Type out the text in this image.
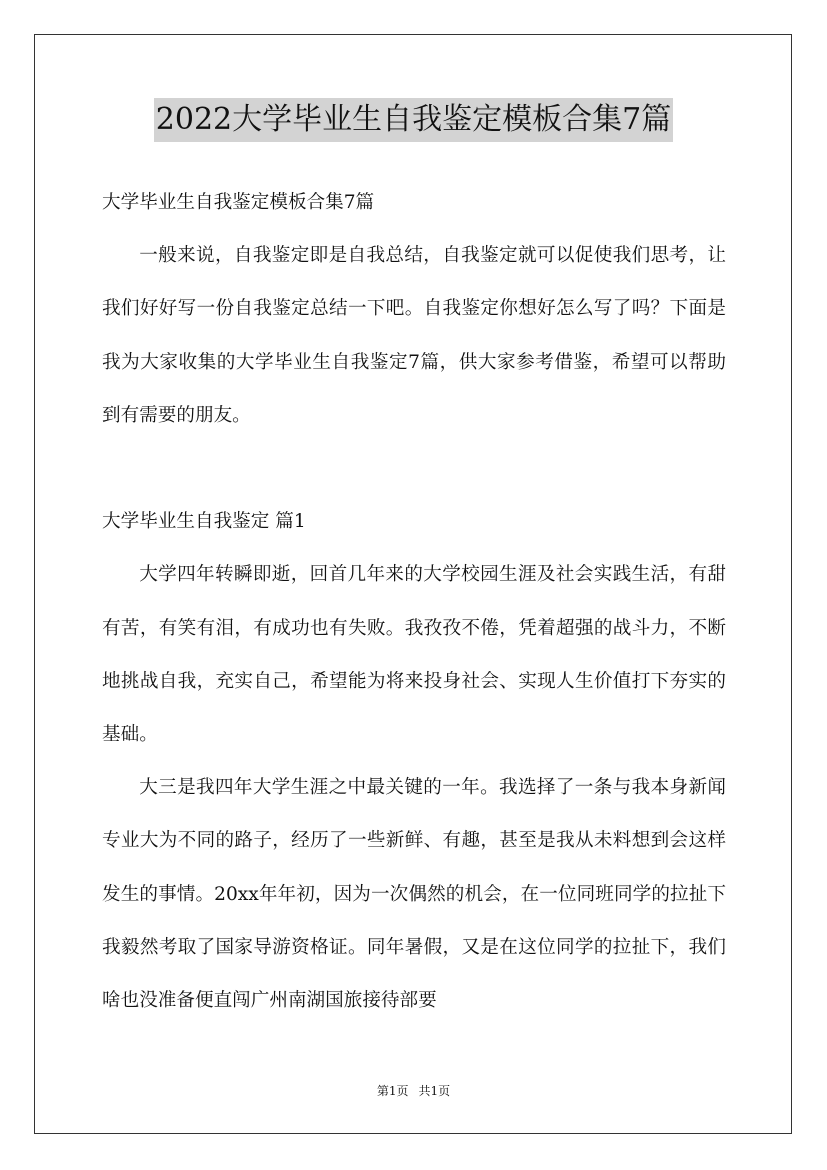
2022大学毕业生自我鉴定模板合集7篇

大学毕业生自我鉴定模板合集7篇

一般来说，自我鉴定即是自我总结，自我鉴定就可以促使我们思考，让我们好好写一份自我鉴定总结一下吧。自我鉴定你想好怎么写了吗？下面是我为大家收集的大学毕业生自我鉴定7篇，供大家参考借鉴，希望可以帮助到有需要的朋友。

大学毕业生自我鉴定 篇1

大学四年转瞬即逝，回首几年来的大学校园生涯及社会实践生活，有甜有苦，有笑有泪，有成功也有失败。我孜孜不倦，凭着超强的战斗力，不断地挑战自我，充实自己，希望能为将来投身社会、实现人生价值打下夯实的基础。

大三是我四年大学生涯之中最关键的一年。我选择了一条与我本身新闻专业大为不同的路子，经历了一些新鲜、有趣，甚至是我从未料想到会这样发生的事情。20xx年年初，因为一次偶然的机会，在一位同班同学的拉扯下我毅然考取了国家导游资格证。同年暑假，又是在这位同学的拉扯下，我们啥也没准备便直闯广州南湖国旅接待部要

第1页 共1页
